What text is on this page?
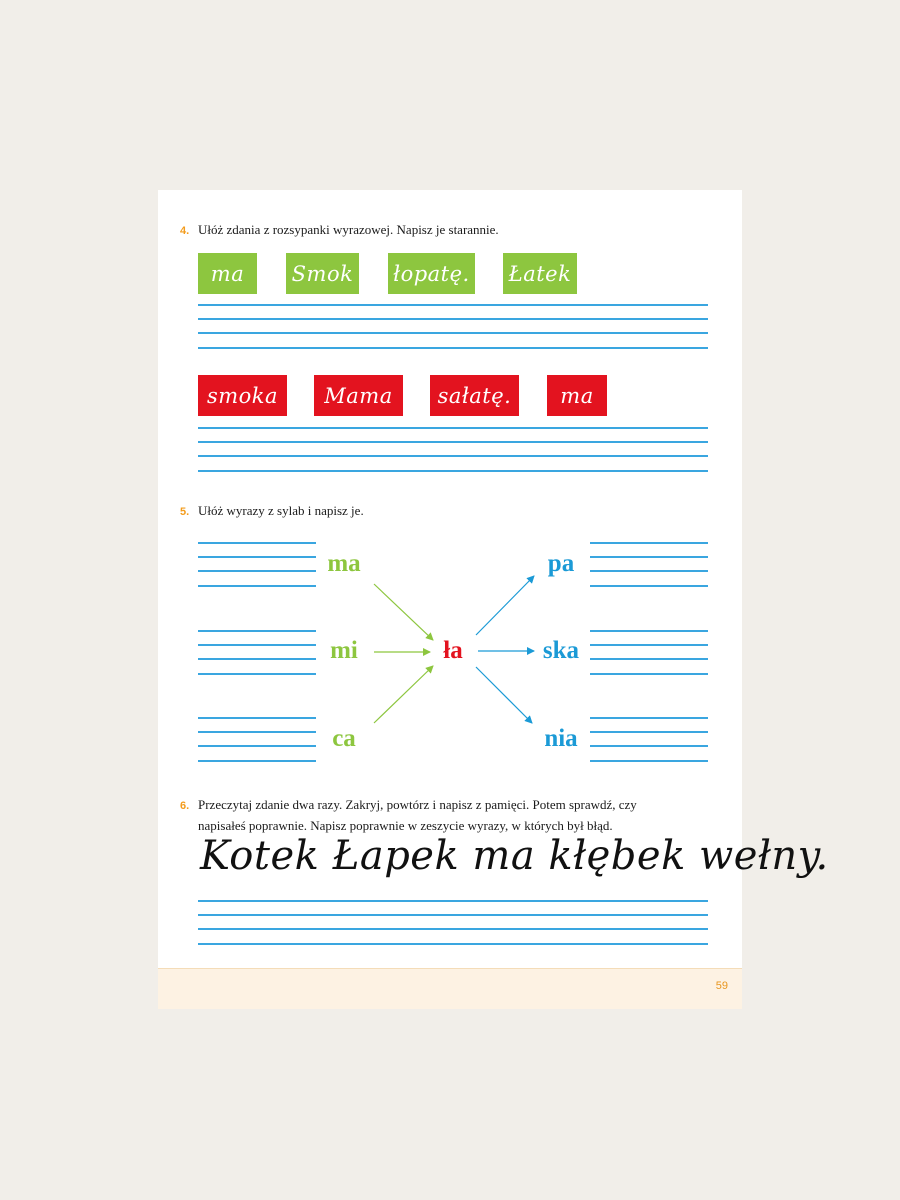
4. Ułóż zdania z rozsypanki wyrazowej. Napisz je starannie.
ma	Smok łopatę. Łatek
smoka	Mama	sałatę.	ma
5. Ułóż wyrazy z sylab i napisz je.
ma
mi
ca
ła
pa
ska
nia
6. Przeczytaj zdanie dwa razy. Zakryj, powtórz i napisz z pamięci. Potem sprawdź, czy
napisałeś poprawnie. Napisz poprawnie w zeszycie wyrazy, w których był błąd.
Kotek Łapek ma kłębek wełny.
59
